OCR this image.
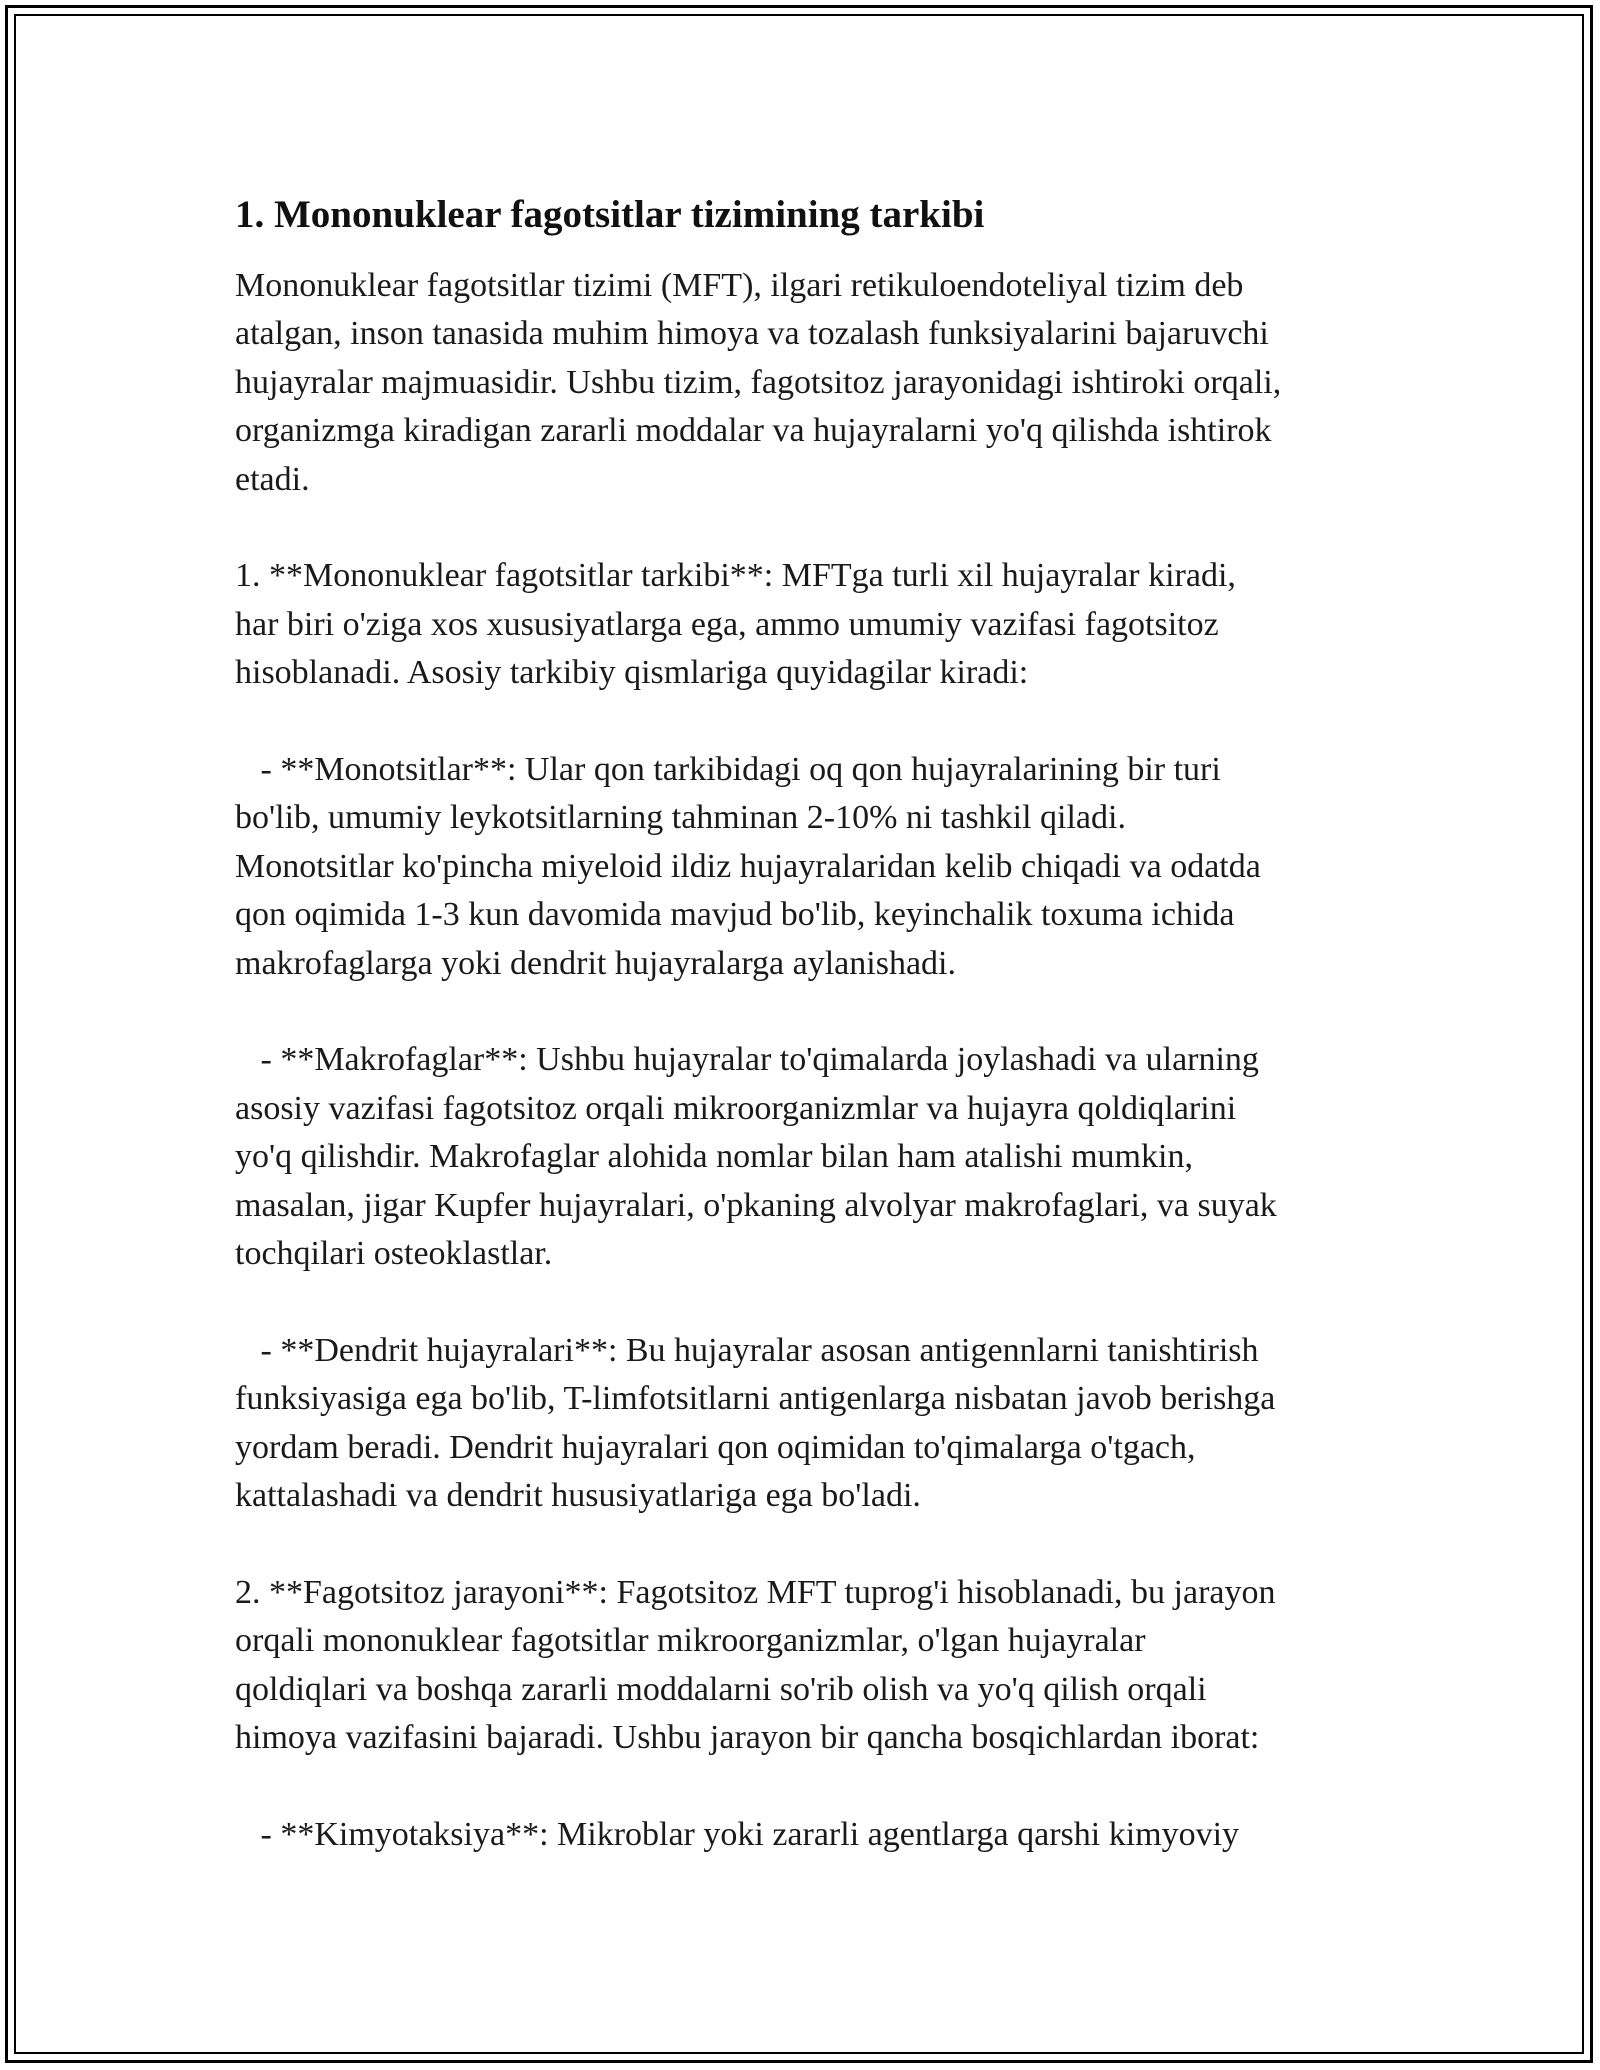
1. Mononuklear fagotsitlar tizimining tarkibi

Mononuklear fagotsitlar tizimi (MFT), ilgari retikuloendoteliyal tizim deb
atalgan, inson tanasida muhim himoya va tozalash funksiyalarini bajaruvchi
hujayralar majmuasidir. Ushbu tizim, fagotsitoz jarayonidagi ishtiroki orqali,
organizmga kiradigan zararli moddalar va hujayralarni yo'q qilishda ishtirok
etadi.

1. **Mononuklear fagotsitlar tarkibi**: MFTga turli xil hujayralar kiradi,
har biri o'ziga xos xususiyatlarga ega, ammo umumiy vazifasi fagotsitoz
hisoblanadi. Asosiy tarkibiy qismlariga quyidagilar kiradi:

- **Monotsitlar**: Ular qon tarkibidagi oq qon hujayralarining bir turi
bo'lib, umumiy leykotsitlarning tahminan 2-10% ni tashkil qiladi.
Monotsitlar ko'pincha miyeloid ildiz hujayralaridan kelib chiqadi va odatda
qon oqimida 1-3 kun davomida mavjud bo'lib, keyinchalik toxuma ichida
makrofaglarga yoki dendrit hujayralarga aylanishadi.

- **Makrofaglar**: Ushbu hujayralar to'qimalarda joylashadi va ularning
asosiy vazifasi fagotsitoz orqali mikroorganizmlar va hujayra qoldiqlarini
yo'q qilishdir. Makrofaglar alohida nomlar bilan ham atalishi mumkin,
masalan, jigar Kupfer hujayralari, o'pkaning alvolyar makrofaglari, va suyak
tochqilari osteoklastlar.

- **Dendrit hujayralari**: Bu hujayralar asosan antigennlarni tanishtirish
funksiyasiga ega bo'lib, T-limfotsitlarni antigenlarga nisbatan javob berishga
yordam beradi. Dendrit hujayralari qon oqimidan to'qimalarga o'tgach,
kattalashadi va dendrit hususiyatlariga ega bo'ladi.

2. **Fagotsitoz jarayoni**: Fagotsitoz MFT tuprog'i hisoblanadi, bu jarayon
orqali mononuklear fagotsitlar mikroorganizmlar, o'lgan hujayralar
qoldiqlari va boshqa zararli moddalarni so'rib olish va yo'q qilish orqali
himoya vazifasini bajaradi. Ushbu jarayon bir qancha bosqichlardan iborat:

- **Kimyotaksiya**: Mikroblar yoki zararli agentlarga qarshi kimyoviy
